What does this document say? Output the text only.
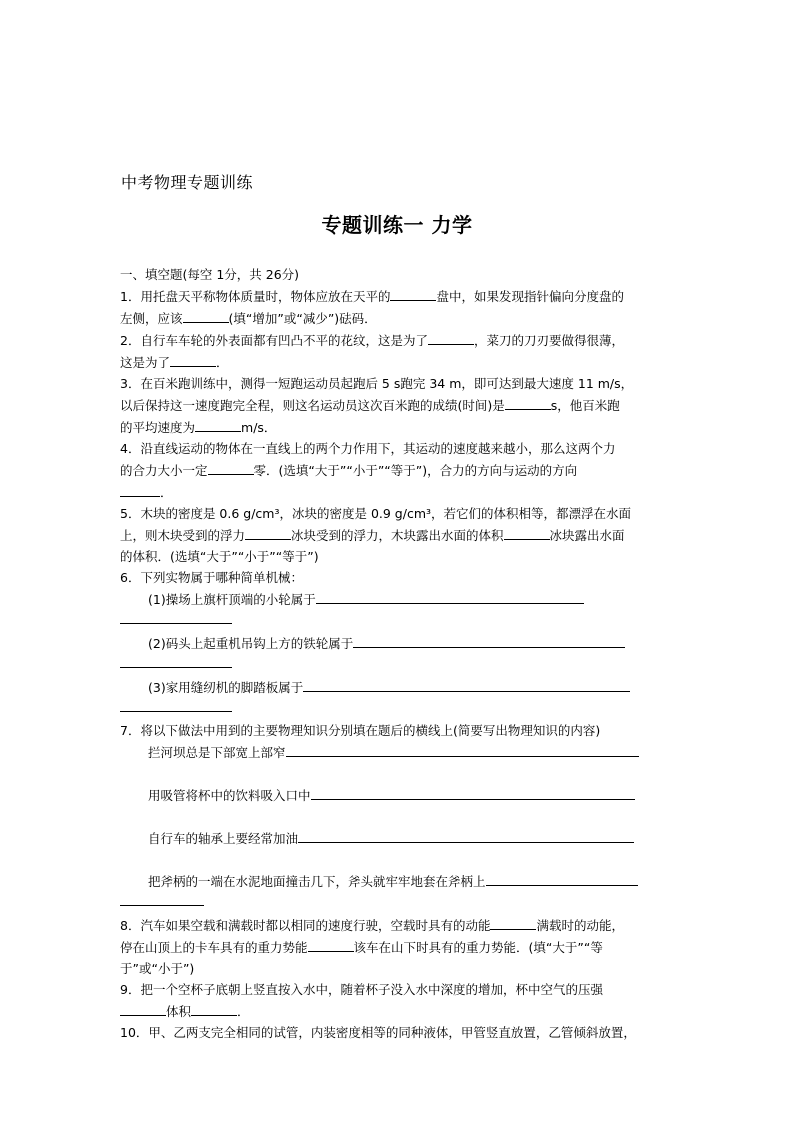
中考物理专题训练
专题训练一 力学

一、填空题(每空 1分，共 26分)

1．用托盘天平称物体质量时，物体应放在天平的	盘中，如果发现指针偏向分度盘的
左侧，应该	(填“增加”或“减少”)砝码．

2．自行车车轮的外表面都有凹凸不平的花纹，这是为了	，菜刀的刀刃要做得很薄，
这是为了	．

3．在百米跑训练中，测得一短跑运动员起跑后 5 s跑完 34 m，即可达到最大速度 11 m/s，
以后保持这一速度跑完全程，则这名运动员这次百米跑的成绩(时间)是	s，他百米跑
的平均速度为	m/s．

4．沿直线运动的物体在一直线上的两个力作用下，其运动的速度越来越小，那么这两个力
的合力大小一定	零．(选填“大于”“小于”“等于”)，合力的方向与运动的方向
．

5．木块的密度是 0.6 g/cm³，冰块的密度是 0.9 g/cm³，若它们的体积相等，都漂浮在水面
上，则木块受到的浮力	冰块受到的浮力，木块露出水面的体积	冰块露出水面
的体积．(选填“大于”“小于”“等于”)

6．下列实物属于哪种简单机械：

(1)操场上旗杆顶端的小轮属于

(2)码头上起重机吊钩上方的铁轮属于

(3)家用缝纫机的脚踏板属于

7．将以下做法中用到的主要物理知识分别填在题后的横线上(简要写出物理知识的内容)

拦河坝总是下部宽上部窄

用吸管将杯中的饮料吸入口中

自行车的轴承上要经常加油

把斧柄的一端在水泥地面撞击几下，斧头就牢牢地套在斧柄上

8．汽车如果空载和满载时都以相同的速度行驶，空载时具有的动能	满载时的动能，
停在山顶上的卡车具有的重力势能	该车在山下时具有的重力势能．(填“大于”“等
于”或“小于”)

9．把一个空杯子底朝上竖直按入水中，随着杯子没入水中深度的增加，杯中空气的压强
体积	．

10．甲、乙两支完全相同的试管，内装密度相等的同种液体，甲管竖直放置，乙管倾斜放置，
